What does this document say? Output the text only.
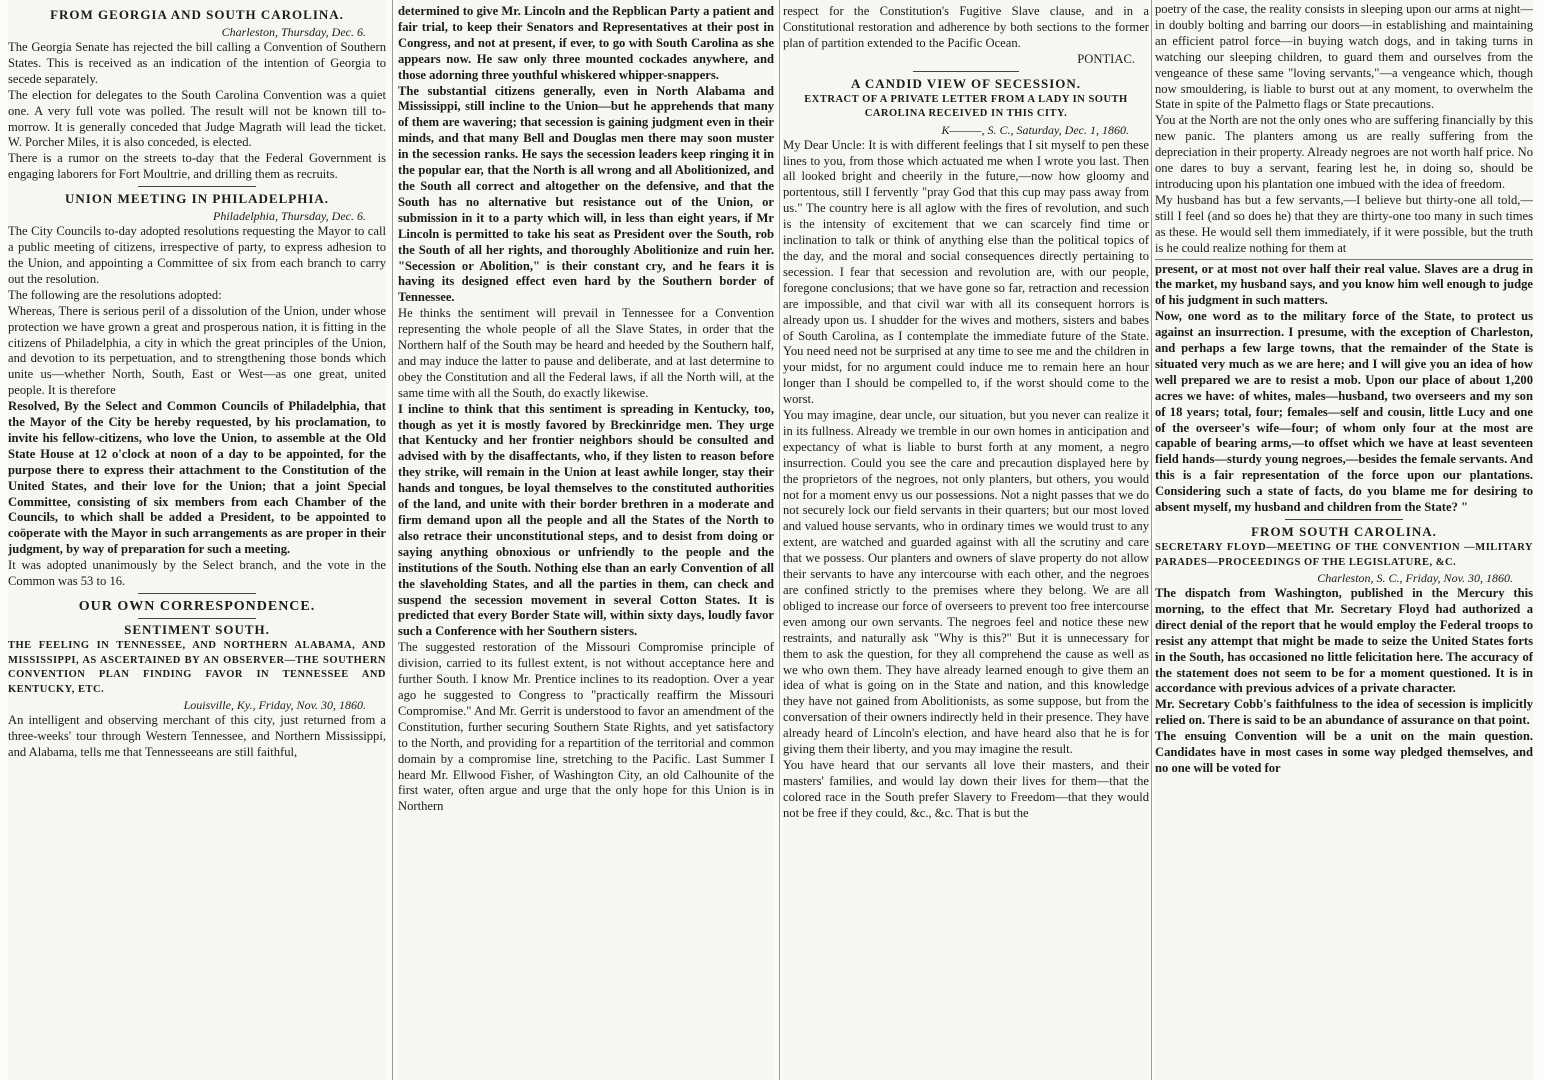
FROM GEORGIA AND SOUTH CAROLINA.
Charleston, Thursday, Dec. 6.

The Georgia Senate has rejected the bill calling a Convention of Southern States. This is received as an indication of the intention of Georgia to secede separately.

The election for delegates to the South Carolina Convention was a quiet one. A very full vote was polled. The result will not be known till to-morrow. It is generally conceded that Judge Magrath will lead the ticket. W. Porcher Miles, it is also conceded, is elected.

There is a rumor on the streets to-day that the Federal Government is engaging laborers for Fort Moultrie, and drilling them as recruits.

UNION MEETING IN PHILADELPHIA.
Philadelphia, Thursday, Dec. 6.

The City Councils to-day adopted resolutions requesting the Mayor to call a public meeting of citizens, irrespective of party, to express adhesion to the Union, and appointing a Committee of six from each branch to carry out the resolution.

The following are the resolutions adopted:

Whereas, There is serious peril of a dissolution of the Union, under whose protection we have grown a great and prosperous nation, it is fitting in the citizens of Philadelphia, a city in which the great principles of the Union, and devotion to its perpetuation, and to strengthening those bonds which unite us—whether North, South, East or West—as one great, united people. It is therefore

Resolved, By the Select and Common Councils of Philadelphia, that the Mayor of the City be hereby requested, by his proclamation, to invite his fellow-citizens, who love the Union, to assemble at the Old State House at 12 o'clock at noon of a day to be appointed, for the purpose there to express their attachment to the Constitution of the United States, and their love for the Union; that a joint Special Committee, consisting of six members from each Chamber of the Councils, to which shall be added a President, to be appointed to coöperate with the Mayor in such arrangements as are proper in their judgment, by way of preparation for such a meeting.

It was adopted unanimously by the Select branch, and the vote in the Common was 53 to 16.

OUR OWN CORRESPONDENCE.
SENTIMENT SOUTH.
THE FEELING IN TENNESSEE, AND NORTHERN ALABAMA, AND MISSISSIPPI, AS ASCERTAINED BY AN OBSERVER—THE SOUTHERN CONVENTION PLAN FINDING FAVOR IN TENNESSEE AND KENTUCKY, ETC.
Louisville, Ky., Friday, Nov. 30, 1860.

An intelligent and observing merchant of this city, just returned from a three-weeks' tour through Western Tennessee, and Northern Mississippi, and Alabama, tells me that Tennesseeans are still faithful,

determined to give Mr. Lincoln and the Repblican Party a patient and fair trial, to keep their Senators and Representatives at their post in Congress, and not at present, if ever, to go with South Carolina as she appears now. He saw only three mounted cockades anywhere, and those adorning three youthful whiskered whipper-snappers.

The substantial citizens generally, even in North Alabama and Mississippi, still incline to the Union—but he apprehends that many of them are wavering; that secession is gaining judgment even in their minds, and that many Bell and Douglas men there may soon muster in the secession ranks. He says the secession leaders keep ringing it in the popular ear, that the North is all wrong and all Abolitionized, and the South all correct and altogether on the defensive, and that the South has no alternative but resistance out of the Union, or submission in it to a party which will, in less than eight years, if Mr Lincoln is permitted to take his seat as President over the South, rob the South of all her rights, and thoroughly Abolitionize and ruin her. "Secession or Abolition," is their constant cry, and he fears it is having its designed effect even hard by the Southern border of Tennessee.

He thinks the sentiment will prevail in Tennessee for a Convention representing the whole people of all the Slave States, in order that the Northern half of the South may be heard and heeded by the Southern half, and may induce the latter to pause and deliberate, and at last determine to obey the Constitution and all the Federal laws, if all the North will, at the same time with all the South, do exactly likewise.

I incline to think that this sentiment is spreading in Kentucky, too, though as yet it is mostly favored by Breckinridge men. They urge that Kentucky and her frontier neighbors should be consulted and advised with by the disaffectants, who, if they listen to reason before they strike, will remain in the Union at least awhile longer, stay their hands and tongues, be loyal themselves to the constituted authorities of the land, and unite with their border brethren in a moderate and firm demand upon all the people and all the States of the North to also retrace their unconstitutional steps, and to desist from doing or saying anything obnoxious or unfriendly to the people and the institutions of the South. Nothing else than an early Convention of all the slaveholding States, and all the parties in them, can check and suspend the secession movement in several Cotton States. It is predicted that every Border State will, within sixty days, loudly favor such a Conference with her Southern sisters.

The suggested restoration of the Missouri Compromise principle of division, carried to its fullest extent, is not without acceptance here and further South. I know Mr. Prentice inclines to its readoption. Over a year ago he suggested to Congress to "practically reaffirm the Missouri Compromise." And Mr. Gerrit is understood to favor an amendment of the Constitution, further securing Southern State Rights, and yet satisfactory to the North, and providing for a repartition of the territorial and common domain by a compromise line, stretching to the Pacific. Last Summer I heard Mr. Ellwood Fisher, of Washington City, an old Calhounite of the first water, often argue and urge that the only hope for this Union is in Northern

respect for the Constitution's Fugitive Slave clause, and in a Constitutional restoration and adherence by both sections to the former plan of partition extended to the Pacific Ocean.

PONTIAC.
A CANDID VIEW OF SECESSION.
EXTRACT OF A PRIVATE LETTER FROM A LADY IN SOUTH CAROLINA RECEIVED IN THIS CITY.
K———, S. C., Saturday, Dec. 1, 1860.

My Dear Uncle: It is with different feelings that I sit myself to pen these lines to you, from those which actuated me when I wrote you last. Then all looked bright and cheerily in the future,—now how gloomy and portentous, still I fervently "pray God that this cup may pass away from us." The country here is all aglow with the fires of revolution, and such is the intensity of excitement that we can scarcely find time or inclination to talk or think of anything else than the political topics of the day, and the moral and social consequences directly pertaining to secession. I fear that secession and revolution are, with our people, foregone conclusions; that we have gone so far, retraction and recession are impossible, and that civil war with all its consequent horrors is already upon us. I shudder for the wives and mothers, sisters and babes of South Carolina, as I contemplate the immediate future of the State. You need need not be surprised at any time to see me and the children in your midst, for no argument could induce me to remain here an hour longer than I should be compelled to, if the worst should come to the worst.

You may imagine, dear uncle, our situation, but you never can realize it in its fullness. Already we tremble in our own homes in anticipation and expectancy of what is liable to burst forth at any moment, a negro insurrection. Could you see the care and precaution displayed here by the proprietors of the negroes, not only planters, but others, you would not for a moment envy us our possessions. Not a night passes that we do not securely lock our field servants in their quarters; but our most loved and valued house servants, who in ordinary times we would trust to any extent, are watched and guarded against with all the scrutiny and care that we possess. Our planters and owners of slave property do not allow their servants to have any intercourse with each other, and the negroes are confined strictly to the premises where they belong. We are all obliged to increase our force of overseers to prevent too free intercourse even among our own servants. The negroes feel and notice these new restraints, and naturally ask "Why is this?" But it is unnecessary for them to ask the question, for they all comprehend the cause as well as we who own them. They have already learned enough to give them an idea of what is going on in the State and nation, and this knowledge they have not gained from Abolitionists, as some suppose, but from the conversation of their owners indirectly held in their presence. They have already heard of Lincoln's election, and have heard also that he is for giving them their liberty, and you may imagine the result.

You have heard that our servants all love their masters, and their masters' families, and would lay down their lives for them—that the colored race in the South prefer Slavery to Freedom—that they would not be free if they could, &c., &c. That is but the

poetry of the case, the reality consists in sleeping upon our arms at night—in doubly bolting and barring our doors—in establishing and maintaining an efficient patrol force—in buying watch dogs, and in taking turns in watching our sleeping children, to guard them and ourselves from the vengeance of these same "loving servants,"—a vengeance which, though now smouldering, is liable to burst out at any moment, to overwhelm the State in spite of the Palmetto flags or State precautions.

You at the North are not the only ones who are suffering financially by this new panic. The planters among us are really suffering from the depreciation in their property. Already negroes are not worth half price. No one dares to buy a servant, fearing lest he, in doing so, should be introducing upon his plantation one imbued with the idea of freedom.

My husband has but a few servants,—I believe but thirty-one all told,—still I feel (and so does he) that they are thirty-one too many in such times as these. He would sell them immediately, if it were possible, but the truth is he could realize nothing for them at

present, or at most not over half their real value. Slaves are a drug in the market, my husband says, and you know him well enough to judge of his judgment in such matters.

Now, one word as to the military force of the State, to protect us against an insurrection. I presume, with the exception of Charleston, and perhaps a few large towns, that the remainder of the State is situated very much as we are here; and I will give you an idea of how well prepared we are to resist a mob. Upon our place of about 1,200 acres we have: of whites, males—husband, two overseers and my son of 18 years; total, four; females—self and cousin, little Lucy and one of the overseer's wife—four; of whom only four at the most are capable of bearing arms,—to offset which we have at least seventeen field hands—sturdy young negroes,—besides the female servants. And this is a fair representation of the force upon our plantations. Considering such a state of facts, do you blame me for desiring to absent myself, my husband and children from the State? "

FROM SOUTH CAROLINA.
SECRETARY FLOYD—MEETING OF THE CONVENTION —MILITARY PARADES—PROCEEDINGS OF THE LEGISLATURE, &C.
Charleston, S. C., Friday, Nov. 30, 1860.

The dispatch from Washington, published in the Mercury this morning, to the effect that Mr. Secretary Floyd had authorized a direct denial of the report that he would employ the Federal troops to resist any attempt that might be made to seize the United States forts in the South, has occasioned no little felicitation here. The accuracy of the statement does not seem to be for a moment questioned. It is in accordance with previous advices of a private character.

Mr. Secretary Cobb's faithfulness to the idea of secession is implicitly relied on. There is said to be an abundance of assurance on that point.

The ensuing Convention will be a unit on the main question. Candidates have in most cases in some way pledged themselves, and no one will be voted for
